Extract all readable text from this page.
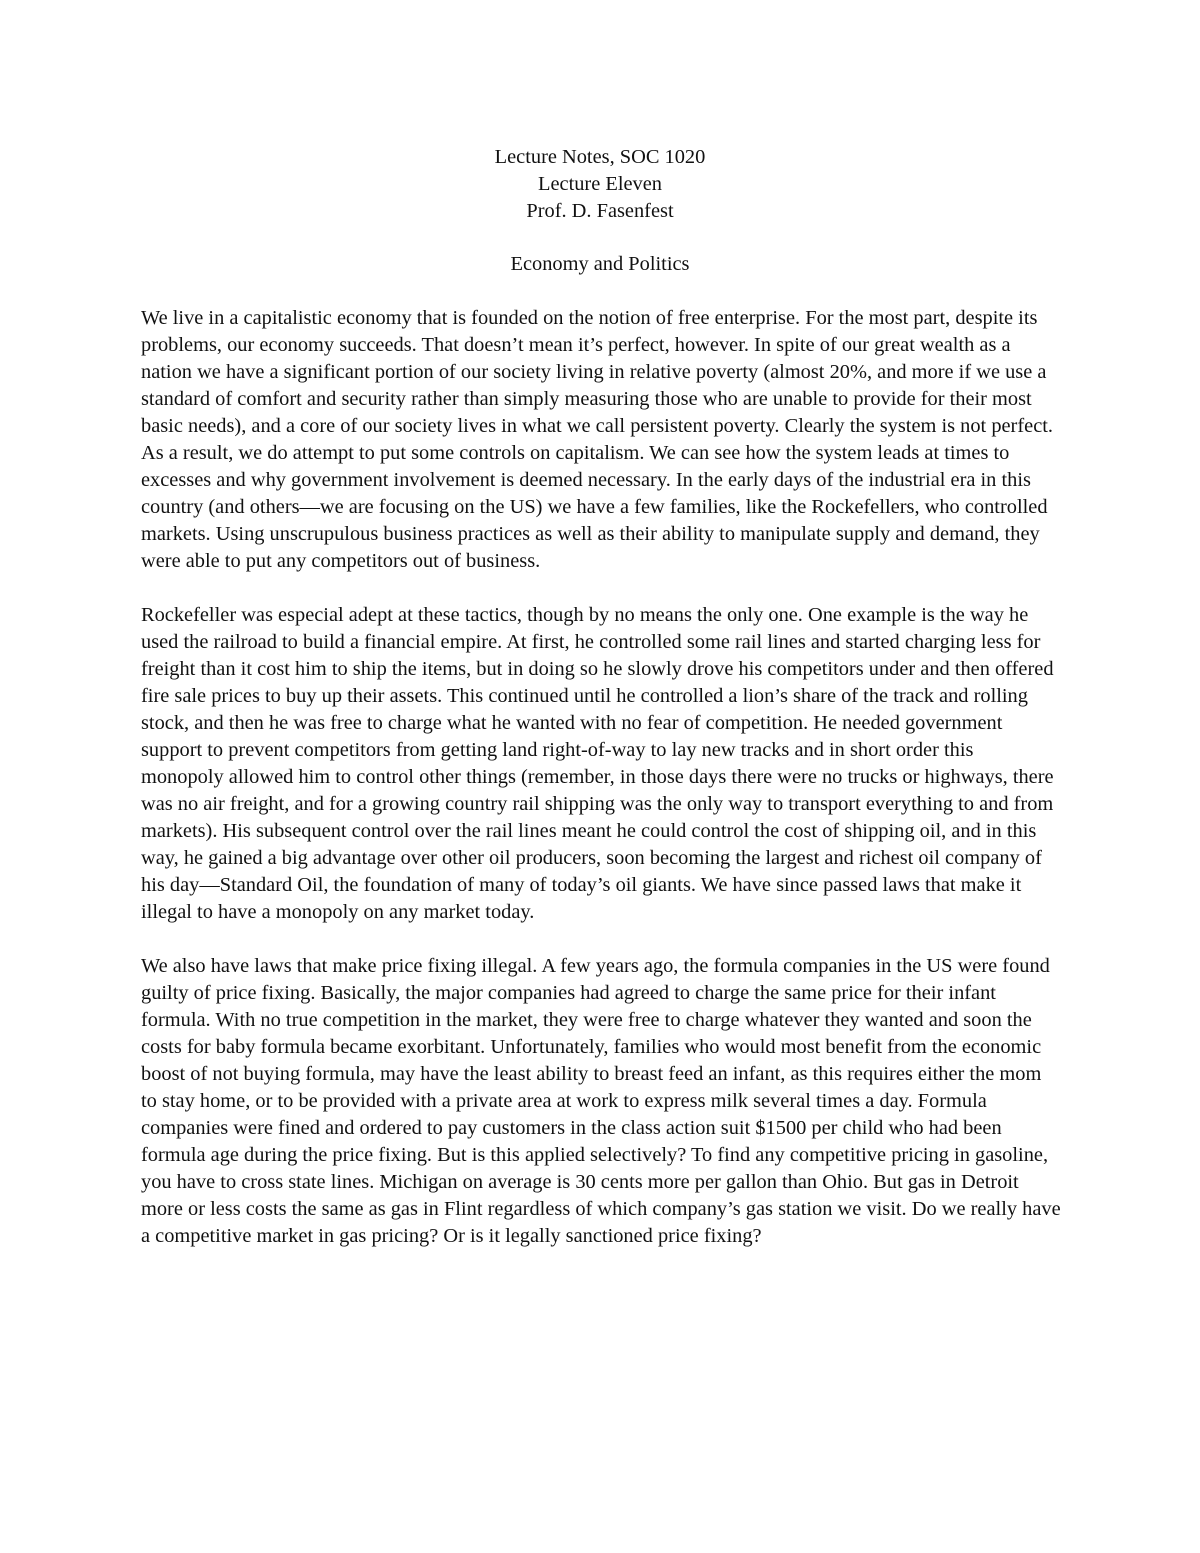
Lecture Notes, SOC 1020
Lecture Eleven
Prof. D. Fasenfest
Economy and Politics

We live in a capitalistic economy that is founded on the notion of free enterprise. For the most part, despite its problems, our economy succeeds. That doesn’t mean it’s perfect, however. In spite of our great wealth as a nation we have a significant portion of our society living in relative poverty (almost 20%, and more if we use a standard of comfort and security rather than simply measuring those who are unable to provide for their most basic needs), and a core of our society lives in what we call persistent poverty. Clearly the system is not perfect. As a result, we do attempt to put some controls on capitalism. We can see how the system leads at times to excesses and why government involvement is deemed necessary. In the early days of the industrial era in this country (and others—we are focusing on the US) we have a few families, like the Rockefellers, who controlled markets. Using unscrupulous business practices as well as their ability to manipulate supply and demand, they were able to put any competitors out of business.

Rockefeller was especial adept at these tactics, though by no means the only one. One example is the way he used the railroad to build a financial empire. At first, he controlled some rail lines and started charging less for freight than it cost him to ship the items, but in doing so he slowly drove his competitors under and then offered fire sale prices to buy up their assets. This continued until he controlled a lion’s share of the track and rolling stock, and then he was free to charge what he wanted with no fear of competition. He needed government support to prevent competitors from getting land right-of-way to lay new tracks and in short order this monopoly allowed him to control other things (remember, in those days there were no trucks or highways, there was no air freight, and for a growing country rail shipping was the only way to transport everything to and from markets). His subsequent control over the rail lines meant he could control the cost of shipping oil, and in this way, he gained a big advantage over other oil producers, soon becoming the largest and richest oil company of his day—Standard Oil, the foundation of many of today’s oil giants. We have since passed laws that make it illegal to have a monopoly on any market today.

We also have laws that make price fixing illegal. A few years ago, the formula companies in the US were found guilty of price fixing. Basically, the major companies had agreed to charge the same price for their infant formula. With no true competition in the market, they were free to charge whatever they wanted and soon the costs for baby formula became exorbitant. Unfortunately, families who would most benefit from the economic boost of not buying formula, may have the least ability to breast feed an infant, as this requires either the mom to stay home, or to be provided with a private area at work to express milk several times a day. Formula companies were fined and ordered to pay customers in the class action suit $1500 per child who had been formula age during the price fixing. But is this applied selectively? To find any competitive pricing in gasoline, you have to cross state lines. Michigan on average is 30 cents more per gallon than Ohio. But gas in Detroit more or less costs the same as gas in Flint regardless of which company’s gas station we visit. Do we really have a competitive market in gas pricing? Or is it legally sanctioned price fixing?
